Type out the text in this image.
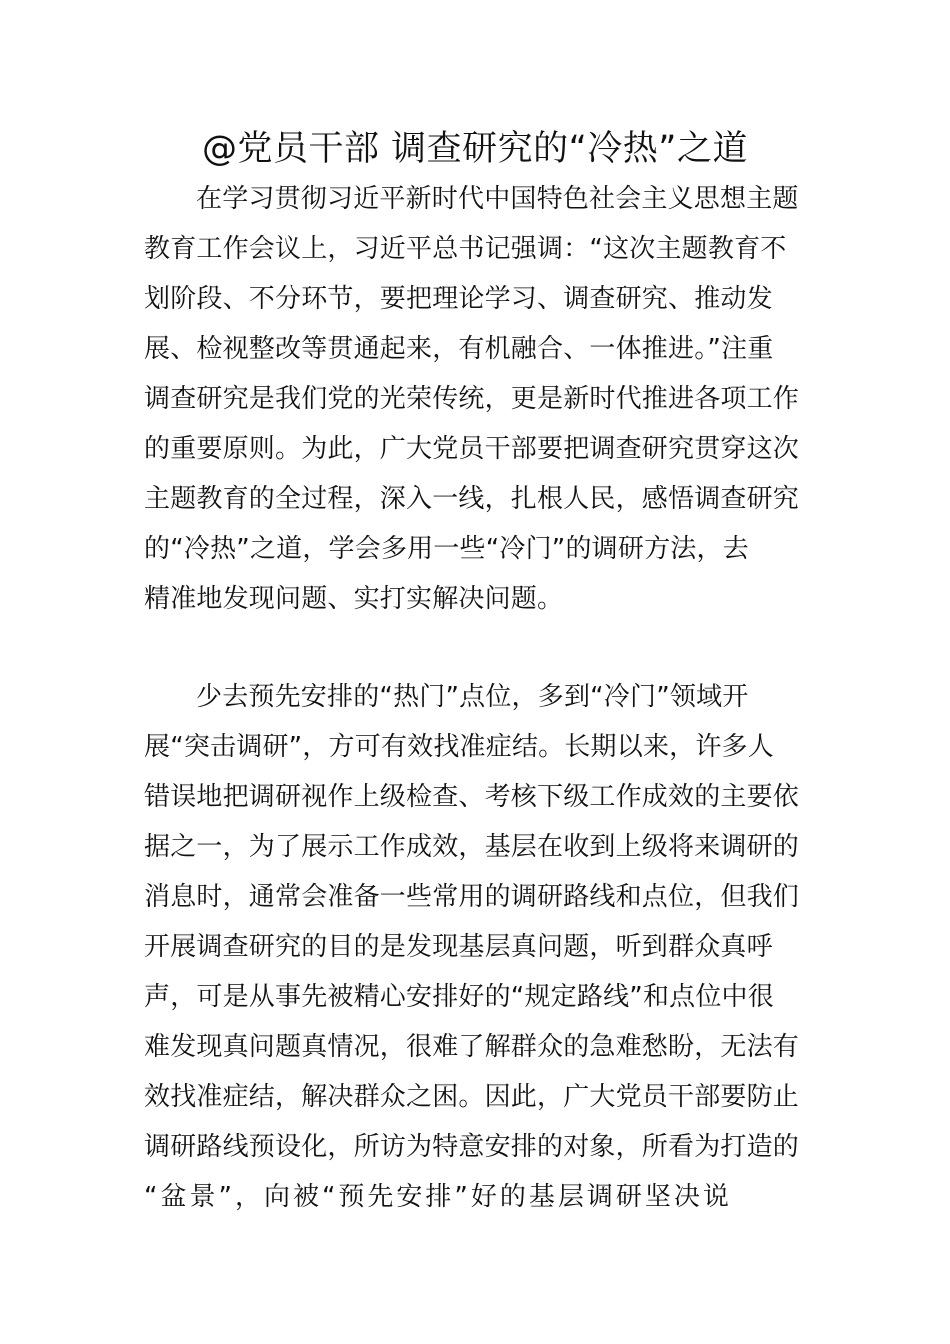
@党员干部 调查研究的“冷热”之道
在学习贯彻习近平新时代中国特色社会主义思想主题
教育工作会议上，习近平总书记强调：“这次主题教育不
划阶段、不分环节，要把理论学习、调查研究、推动发
展、检视整改等贯通起来，有机融合、一体推进。”注重
调查研究是我们党的光荣传统，更是新时代推进各项工作
的重要原则。为此，广大党员干部要把调查研究贯穿这次
主题教育的全过程，深入一线，扎根人民，感悟调查研究
的“冷热”之道，学会多用一些“冷门”的调研方法，去
精准地发现问题、实打实解决问题。
少去预先安排的“热门”点位，多到“冷门”领域开
展“突击调研”，方可有效找准症结。长期以来，许多人
错误地把调研视作上级检查、考核下级工作成效的主要依
据之一，为了展示工作成效，基层在收到上级将来调研的
消息时，通常会准备一些常用的调研路线和点位，但我们
开展调查研究的目的是发现基层真问题，听到群众真呼
声，可是从事先被精心安排好的“规定路线”和点位中很
难发现真问题真情况，很难了解群众的急难愁盼，无法有
效找准症结，解决群众之困。因此，广大党员干部要防止
调研路线预设化，所访为特意安排的对象，所看为打造的
“盆景”，向被“预先安排”好的基层调研坚决说
